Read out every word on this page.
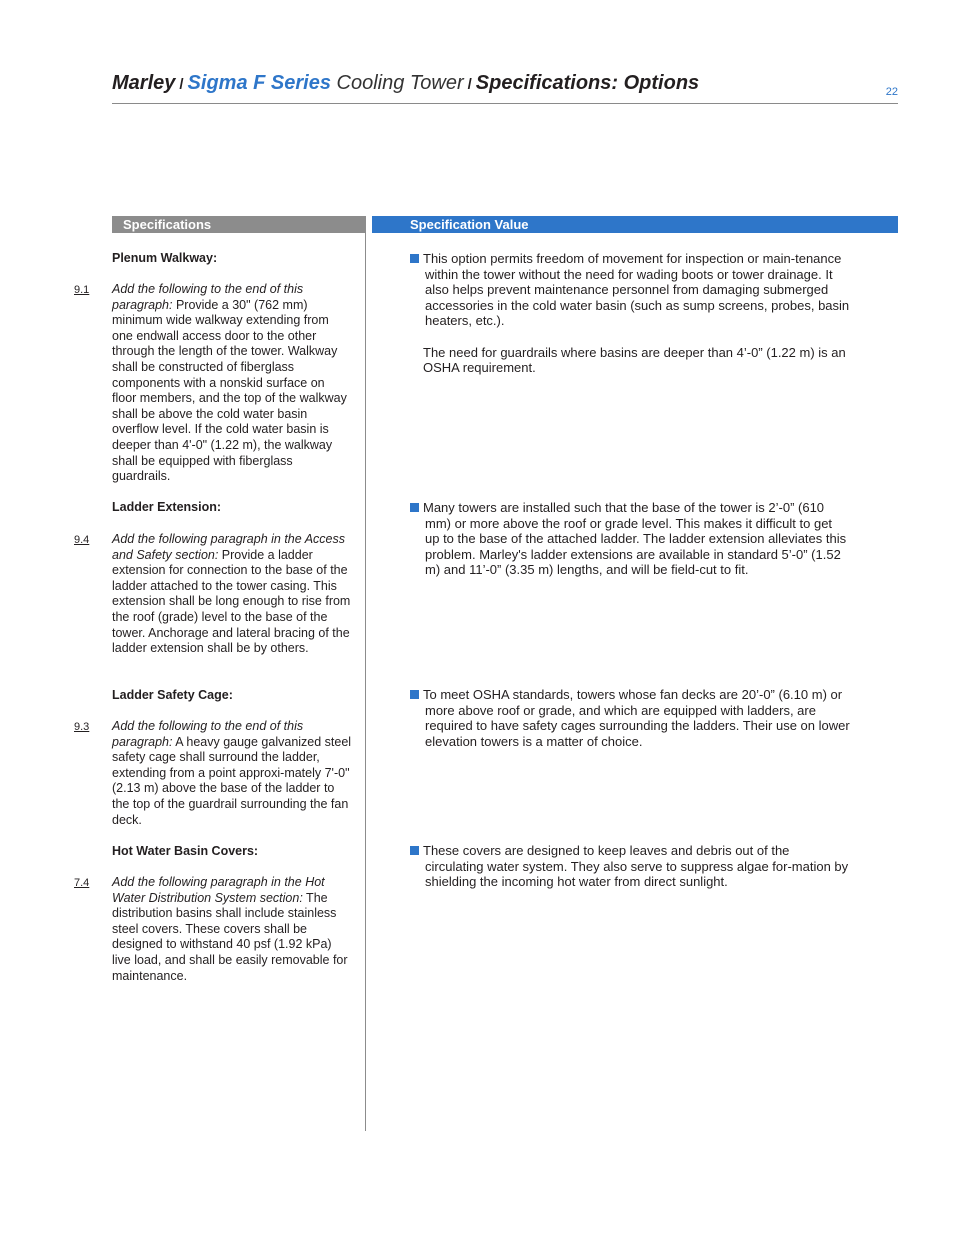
Marley / Sigma F Series Cooling Tower / Specifications: Options	22
Specifications	Specification Value
Plenum Walkway:
9.1 Add the following to the end of this paragraph: Provide a 30" (762 mm) minimum wide walkway extending from one endwall access door to the other through the length of the tower. Walkway shall be constructed of fiberglass components with a nonskid surface on floor members, and the top of the walkway shall be above the cold water basin overflow level. If the cold water basin is deeper than 4'-0" (1.22 m), the walkway shall be equipped with fiberglass guardrails.

This option permits freedom of movement for inspection or main-tenance within the tower without the need for wading boots or tower drainage. It also helps prevent maintenance personnel from damaging submerged accessories in the cold water basin (such as sump screens, probes, basin heaters, etc.).

The need for guardrails where basins are deeper than 4’-0” (1.22 m) is an OSHA requirement.

Ladder Extension:
9.4 Add the following paragraph in the Access and Safety section: Provide a ladder extension for connection to the base of the ladder attached to the tower casing. This extension shall be long enough to rise from the roof (grade) level to the base of the tower. Anchorage and lateral bracing of the ladder extension shall be by others.

Many towers are installed such that the base of the tower is 2’-0” (610 mm) or more above the roof or grade level. This makes it difficult to get up to the base of the attached ladder. The ladder extension alleviates this problem. Marley's ladder extensions are available in standard 5’-0” (1.52 m) and 11’-0” (3.35 m) lengths, and will be field-cut to fit.

Ladder Safety Cage:
9.3 Add the following to the end of this paragraph: A heavy gauge galvanized steel safety cage shall surround the ladder, extending from a point approxi-mately 7'-0" (2.13 m) above the base of the ladder to the top of the guardrail surrounding the fan deck.

To meet OSHA standards, towers whose fan decks are 20’-0” (6.10 m) or more above roof or grade, and which are equipped with ladders, are required to have safety cages surrounding the ladders. Their use on lower elevation towers is a matter of choice.

Hot Water Basin Covers:
7.4 Add the following paragraph in the Hot Water Distribution System section: The distribution basins shall include stainless steel covers. These covers shall be designed to withstand 40 psf (1.92 kPa) live load, and shall be easily removable for maintenance.

These covers are designed to keep leaves and debris out of the circulating water system. They also serve to suppress algae for-mation by shielding the incoming hot water from direct sunlight.
